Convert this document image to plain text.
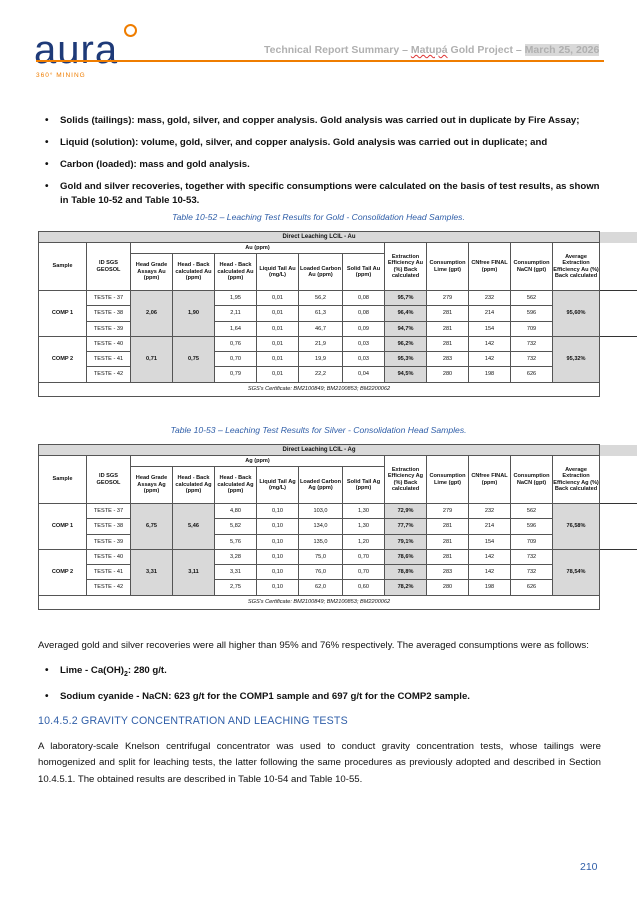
aura
360° MINING
Technical Report Summary – Matupá Gold Project – March 25, 2026
• Solids (tailings): mass, gold, silver, and copper analysis. Gold analysis was carried out in duplicate by Fire Assay;
• Liquid (solution): volume, gold, silver, and copper analysis. Gold analysis was carried out in duplicate; and
• Carbon (loaded): mass and gold analysis.
• Gold and silver recoveries, together with specific consumptions were calculated on the basis of test results, as shown in Table 10-52 and Table 10-53.
Table 10-52 – Leaching Test Results for Gold - Consolidation Head Samples.
Direct Leaching LCIL - Au													
Sample	ID SGS GEOSOL	Au (ppm)						Extraction Efficiency Au (%) Back calculated	Consumption Lime (gpt)	CNfree FINAL (ppm)	Consumption NaCN (gpt)	Average Extraction Efficiency Au (%) Back calculated	
		Head Grade Assays Au (ppm)	Head - Back calculated Au (ppm)	Head - Back calculated Au (ppm)	Liquid Tail Au (mg/L)	Loaded Carbon Au (ppm)	Solid Tail Au (ppm)						
COMP 1	TESTE - 37	2,06	1,90	1,95	0,01	56,2	0,08	95,7%	279	232	562	95,60%	
	TESTE - 38			2,11	0,01	61,3	0,08	96,4%	281	214	596		
	TESTE - 39			1,64	0,01	46,7	0,09	94,7%	281	154	709		
COMP 2	TESTE - 40	0,71	0,75	0,76	0,01	21,9	0,03	96,2%	281	142	732	95,32%	
	TESTE - 41			0,70	0,01	19,9	0,03	95,3%	283	142	732		
	TESTE - 42			0,79	0,01	22,2	0,04	94,5%	280	198	626		
SGS's Certificate: BM2100849; BM2100853; BM2200062													
Table 10-53 – Leaching Test Results for Silver - Consolidation Head Samples.
Direct Leaching LCIL - Ag													
Sample	ID SGS GEOSOL	Ag (ppm)						Extraction Efficiency Ag (%) Back calculated	Consumption Lime (gpt)	CNfree FINAL (ppm)	Consumption NaCN (gpt)	Average Extraction Efficiency Ag (%) Back calculated	
		Head Grade Assays Ag (ppm)	Head - Back calculated Ag (ppm)	Head - Back calculated Ag (ppm)	Liquid Tail Ag (mg/L)	Loaded Carbon Ag (ppm)	Solid Tail Ag (ppm)						
COMP 1	TESTE - 37	6,75	5,46	4,80	0,10	103,0	1,30	72,9%	279	232	562	76,58%	
	TESTE - 38			5,82	0,10	134,0	1,30	77,7%	281	214	596		
	TESTE - 39			5,76	0,10	135,0	1,20	79,1%	281	154	709		
COMP 2	TESTE - 40	3,31	3,11	3,28	0,10	75,0	0,70	78,6%	281	142	732	78,54%	
	TESTE - 41			3,31	0,10	76,0	0,70	78,8%	283	142	732		
	TESTE - 42			2,75	0,10	62,0	0,60	78,2%	280	198	626		
SGS's Certificate: BM2100849; BM2100853; BM2200062													
Averaged gold and silver recoveries were all higher than 95% and 76% respectively. The averaged consumptions were as follows:
• Lime - $Ca(OH)_2$: 280 g/t.
• Sodium cyanide - NaCN: 623 g/t for the COMP1 sample and 697 g/t for the COMP2 sample.
10.4.5.2 GRAVITY CONCENTRATION AND LEACHING TESTS
A laboratory-scale Knelson centrifugal concentrator was used to conduct gravity concentration tests, whose tailings were homogenized and split for leaching tests, the latter following the same procedures as previously adopted and described in Section 10.4.5.1. The obtained results are described in Table 10-54 and Table 10-55.
210
